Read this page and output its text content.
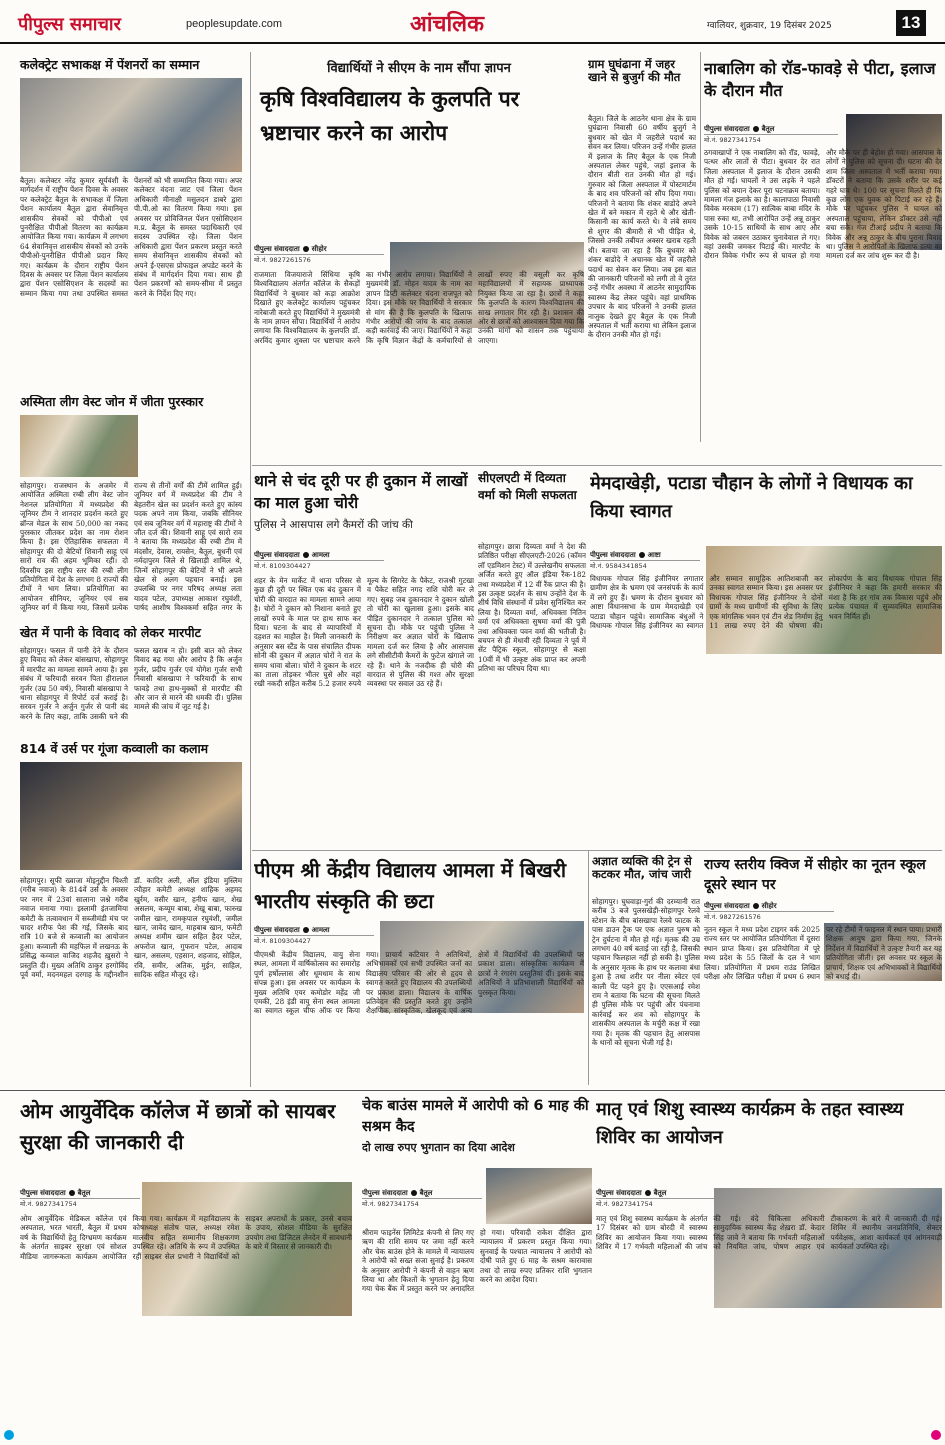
पीपुल्स समाचार	peoplesupdate.com	आंचलिक	ग्वालियर, शुक्रवार, 19 दिसंबर 2025	13
कलेक्ट्रेट सभाकक्ष में पेंशनरों का सम्मान
बैतूल। कलेक्टर नरेंद्र कुमार सूर्यवंशी के मार्गदर्शन में राष्ट्रीय पेंशन दिवस के अवसर पर कलेक्ट्रेट बैतूल के सभाकक्ष में जिला पेंशन कार्यालय बैतूल द्वारा सेवानिवृत्त शासकीय सेवकों को पीपीओ एवं पुनरीक्षित पीपीओ वितरण का कार्यक्रम आयोजित किया गया। कार्यक्रम में लगभग 64 सेवानिवृत्त शासकीय सेवकों को उनके पीपीओ-पुनरीक्षित पीपीओ प्रदान किए गए। कार्यक्रम के दौरान राष्ट्रीय पेंशन दिवस के अवसर पर जिला पेंशन कार्यालय द्वारा पेंशन एसोसिएशन के सदस्यों का सम्मान किया गया तथा उपस्थित समस्त पेंशनरों को भी सम्मानित किया गया। अपर कलेक्टर वंदना जाट एवं जिला पेंशन अधिकारी मीनाक्षी मसुलदन डाबरे द्वारा पी.पी.ओ का वितरण किया गया। इस अवसर पर प्रोविजिनल पेंशन एसोसिएशन म.प्र. बैतूल के समस्त पदाधिकारी एवं सदस्य उपस्थित रहे। जिला पेंशन अधिकारी द्वारा पेंशन प्रकरण प्रस्तुत करते समय सेवानिवृत्त शासकीय सेवकों को अपने ई-एसएस प्रोफाइल अपडेट करने के संबंध में मार्गदर्शन दिया गया। साथ ही पेंशन प्रकरणों को समय-सीमा में प्रस्तुत करने के निर्देश दिए गए।
अस्मिता लीग वेस्ट जोन में जीता पुरस्कार
सोहागपुर। राजस्थान के अजमेर में आयोजित अस्मिता रग्बी लीग वेस्ट जोन नेशनल प्रतियोगिता में मध्यप्रदेश की जूनियर टीम ने शानदार प्रदर्शन करते हुए ब्रॉन्ज मेडल के साथ 50,000 का नकद पुरस्कार जीतकर प्रदेश का नाम रोशन किया है। इस ऐतिहासिक सफलता में सोहागपुर की दो बेटियों शिवानी साहू एवं सारो राव की अहम भूमिका रही। दो दिवसीय इस राष्ट्रीय स्तर की रग्बी लीग प्रतियोगिता में देश के लगभग 8 राज्यों की टीमों ने भाग लिया। प्रतियोगिता का आयोजन सीनियर, जूनियर एवं सब जूनियर वर्ग में किया गया, जिसमें प्रत्येक राज्य से तीनों वर्गों की टीमें शामिल हुईं। जूनियर वर्ग में मध्यप्रदेश की टीम ने बेहतरीन खेल का प्रदर्शन करते हुए कांस्य पदक अपने नाम किया, जबकि सीनियर एवं सब जूनियर वर्ग में महाराष्ट्र की टीमों ने जीत दर्ज की। शिवानी साहू एवं सारो राव ने बताया कि मध्यप्रदेश की रग्बी टीम में मंदसौर, देवास, रायसेन, बैतूल, बुधनी एवं नर्मदापुरम जिले से खिलाड़ी शामिल थे, जिन्में सोहागपुर की बेटियों ने भी अपने खेल से अलग पहचान बनाई। इस उपलब्धि पर नगर परिषद अध्यक्ष लता यादव पटेल, उपाध्यक्ष आकाश रघुवंशी, पार्षद आशीष विश्वकर्मा सहित नगर के
खेत में पानी के विवाद को लेकर मारपीट
सोहागपुर। फसल में पानी देने के दौरान हुए विवाद को लेकर बांसखापा, सोहागपुर में मारपीट का मामला सामने आया है। इस संबंध में फरियादी सरवन पिता हीरालाल गुर्जर (उम्र 50 वर्ष), निवासी बांसखापा ने थाना सोहागपुर में रिपोर्ट दर्ज कराई है। सरवन गुर्जर ने अर्जुन गुर्जर से पानी बंद करने के लिए कहा, ताकि उसकी चने की फसल खराब न हो। इसी बात को लेकर विवाद बढ़ गया और आरोप है कि अर्जुन गुर्जर, प्रदीप गुर्जर एवं योगेश गुर्जर सभी निवासी बांसखापा ने फरियादी के साथ फावड़े तथा हाथ-मुक्कों से मारपीट की और जान से मारने की धमकी दी। पुलिस मामले की जांच में जुट गई है।
814 वें उर्स पर गूंजा कव्वाली का कलाम
सोहागपुर। सूफी ख्वाजा मोइनुद्दीन चिश्ती (गरीब नवाज) के 814वें उर्स के अवसर पर नगर में 23वां सालाना जश्ने गरीब नवाज मनाया गया। इस्लामी इंतजामिया कमेटी के तत्वावधान में सब्जीमंडी मंच पर चादर शरीफ पेश की गई, जिसके बाद रात्रि 10 बजे से कव्वाली का आयोजन हुआ। कव्वाली की महफिल में लखनऊ के प्रसिद्ध कव्वाल वाजिद शहजैद ख़ुसरो ने प्रस्तुति दी। मुख्य अतिथि ठाकुर हरगोविंद पूर्व वर्मा, मदनमहल दरगाह के गद्दीनशीन डॉ. कादिर अली, ऑल इंडिया मुस्लिम त्यौहार कमेटी अध्यक्ष शाहिक अहमद खुर्रम, वसीर खान, हनीफ खान, शेख असलम, कय्यूम बाबा, शेखू बाबा, फारुख जमील खान, रामकृपाल रघुवंशी, जमील खान, जावेद खान, माहबाब खान, फमेटी अध्यक्ष शमीम खान सहित हैदर पटेल, अफरोज खान, गुफरान पटेल, आदाब खान, असलम, एहसान, शहजाद, सोहिल, रवि, समीर, अतिक, मुईन, साहिल, सादिक सहित मौजूद रहे।
विद्यार्थियों ने सीएम के नाम सौंपा ज्ञापन
कृषि विश्वविद्यालय के कुलपति पर भ्रष्टाचार करने का आरोप
पीपुल्स संवाददाता सीहोर
मो.नं. 9827261576
राजमाता विजयाराजे सिंधिया कृषि विश्वविद्यालय अंतर्गत कॉलेज के सैकड़ों विद्यार्थियों ने बुधवार को कड़ा आक्रोश दिखाते हुए कलेक्ट्रेट कार्यालय पहुंचकर नारेबाजी करते हुए विद्यार्थियों ने मुख्यमंत्री के नाम ज्ञापन सौंपा। विद्यार्थियों ने आरोप लगाया कि विश्वविद्यालय के कुलपति डॉ. अरविंद कुमार शुक्ला पर भ्रष्टाचार करने का गंभीर आरोप लगाया। विद्यार्थियों ने मुख्यमंत्री डॉ. मोहन यादव के नाम का ज्ञापन डिप्टी कलेक्टर चंदना राजपूत को दिया। इस मौके पर विद्यार्थियों ने सरकार से मांग की है कि कुलपति के खिलाफ गंभीर आरोपों की जांच के बाद तत्काल कड़ी कार्रवाई की जाए। विद्यार्थियों ने कहा कि कृषि विज्ञान केंद्रों के कर्मचारियों से लाखों रुपए की वसूली कर कृषि महाविद्यालयों में सहायक प्राध्यापक नियुक्त किया जा रहा है। छात्रों ने कहा कि कुलपति के कारण विश्वविद्यालय की साख लगातार गिर रही है। प्रशासन की ओर से छात्रों को आश्वासन दिया गया कि उनकी मांगों को शासन तक पहुंचाया जाएगा।
ग्राम घुघंढाना में जहर खाने से बुजुर्ग की मौत
बैतूल। जिले के आठनेर थाना क्षेत्र के ग्राम घुघंढाना निवासी 60 वर्षीय बुजुर्ग ने बुधवार को खेत में जहरीले पदार्थ का सेवन कर लिया। परिजन उन्हें गंभीर हालत में इलाज के लिए बैतूल के एक निजी अस्पताल लेकर पहुंचे, जहां इलाज के दौरान बीती रात उनकी मौत हो गई। गुरुवार को जिला अस्पताल में पोस्टमार्टम के बाद शव परिजनों को सौंप दिया गया। परिजनों ने बताया कि शंकर बाडोदे अपने खेत में बने मकान में रहते थे और खेती-किसानी का कार्य करते थे। वे लंबे समय से शुगर की बीमारी से भी पीड़ित थे, जिससे उनकी तबीयत अक्सर खराब रहती थी। बताया जा रहा है कि बुधवार को शंकर बाडोदे ने अचानक खेत में जहरीले पदार्थ का सेवन कर लिया। जब इस बात की जानकारी परिजनों को लगी तो वे तुरंत उन्हें गंभीर अवस्था में आठनेर सामुदायिक स्वास्थ्य केंद्र लेकर पहुंचे। वहां प्राथमिक उपचार के बाद परिजनों ने उनकी हालत नाजुक देखते हुए बैतूल के एक निजी अस्पताल में भर्ती कराया था लेकिन इलाज के दौरान उनकी मौत हो गई।
नाबालिग को रॉड-फावड़े से पीटा, इलाज के दौरान मौत
पीपुल्स संवाददाता बैतूल
मो.नं. 9827341754
ठगवाखापों ने एक नाबालिग को रॉड, फावड़े, पत्थर और लातों से पीटा। बुधवार देर रात जिला अस्पताल में इलाज के दौरान उसकी मौत हो गई। घायलों ने उस लड़के ने पहले पुलिस को बयान देकर पूरा घटनाक्रम बताया। मामला गंज इलाके का है। कालापाठा निवासी विवेक मरकाम (17) सात्विक बाबा मंदिर के पास रुका था, तभी आरोपित उन्हें अन्नू ठाकुर उसके 10-15 साथियों के साथ आए और विवेक को जबरन उठाकर चुनावेवाल ले गए। वहां उसकी जमकर पिटाई की। मारपीट के दौरान विवेक गंभीर रूप से घायल हो गया और मौके पर ही बेहोश हो गया। आसपास के लोगों ने पुलिस को सूचना दी। घटना की देर शाम जिला अस्पताल में भर्ती कराया गया। डॉक्टरों ने बताया कि उसके शरीर पर कई गहरे घाव थे। 100 पर सूचना मिलते ही कि कुछ लोग एक युवक को पिटाई कर रहे हैं। मौके पर पहुंचकर पुलिस ने घायल को अस्पताल पहुंचाया, लेकिन डॉक्टर उसे नहीं बचा सके। गंज टीआई प्रदीप ने बताया कि विवेक और अन्नू ठाकुर के बीच पुराना विवाद था। पुलिस ने आरोपितों के खिलाफ हत्या का मामला दर्ज कर जांच शुरू कर दी है।
थाने से चंद दूरी पर ही दुकान में लाखों का माल हुआ चोरी
पुलिस ने आसपास लगे कैमरों की जांच की
पीपुल्स संवाददाता आमला
मो.नं. 8109304427
शहर के मेन मार्केट में थाना परिसर से कुछ ही दूरी पर स्थित एक बंद दुकान में चोरी की वारदात का मामला सामने आया है। चोरों ने दुकान को निशाना बनाते हुए लाखों रुपये के माल पर हाथ साफ कर दिया। घटना के बाद से व्यापारियों में दहशत का माहौल है। मिली जानकारी के अनुसार बस स्टैंड के पास संचालित दीपक सोनी की दुकान में अज्ञात चोरों ने रात के समय धावा बोला। चोरों ने दुकान के शटर का ताला तोड़कर भीतर घुसे और वहां रखी नकदी सहित करीब 5.2 हजार रुपये मूल्य के सिगरेट के पैकेट, राजश्री गुटखा व पैकेट सहित नगद राशि चोरी कर ले गए। सुबह जब दुकानदार ने दुकान खोली तो चोरी का खुलासा हुआ। इसके बाद पीड़ित दुकानदार ने तत्काल पुलिस को सूचना दी। मौके पर पहुंची पुलिस ने निरीक्षण कर अज्ञात चोरों के खिलाफ मामला दर्ज कर लिया है और आसपास लगे सीसीटीवी कैमरों के फुटेज खंगाले जा रहे हैं। थाने के नजदीक ही चोरी की वारदात से पुलिस की गश्त और सुरक्षा व्यवस्था पर सवाल उठ रहे हैं।
सीएलएटी में दिव्यता वर्मा को मिली सफलता
सोहागपुर। छात्रा दिव्यता वर्मा ने देश की प्रतिष्ठित परीक्षा सीएलएटी-2026 (कॉमन लॉ एडमिशन टेस्ट) में उल्लेखनीय सफलता अर्जित करते हुए ऑल इंडिया रैंक-182 तथा मध्यप्रदेश में 12 वीं रैंक प्राप्त की है। इस उत्कृष्ट प्रदर्शन के साथ उन्होंने देश के शीर्ष विधि संस्थानों में प्रवेश सुनिश्चित कर लिया है। दिव्यता वर्मा, अधिवक्ता नितिन वर्मा एवं अधिवक्ता सुषमा वर्मा की पुत्री तथा अधिवक्ता पवन वर्मा की भतीजी है। बचपन से ही मेधावी रही दिव्यता ने पूर्व में सेंट पैट्रिक स्कूल, सोहागपुर से कक्षा 10वीं में भी उत्कृष्ट अंक प्राप्त कर अपनी प्रतिभा का परिचय दिया था।
मेमदाखेड़ी, पटाडा चौहान के लोगों ने विधायक का किया स्वागत
पीपुल्स संवाददाता आष्टा
मो.नं. 9584341854
विधायक गोपाल सिंह इंजीनियर लगातार ग्रामीण क्षेत्र के भ्रमण एवं जनसंपर्क के कार्य में लगे हुए हैं। भ्रमण के दौरान बुधवार को आष्टा विधानसभा के ग्राम मेमदाखेड़ी एवं पटाडा चौहान पहुंचे। सामाजिक बंधुओं ने विधायक गोपाल सिंह इंजीनियर का स्वागत और सम्मान सामूहिक आतिशबाजी कर उनका स्वागत सम्मान किया। इस अवसर पर विधायक गोपाल सिंह इंजीनियर ने दोनों ग्रामों के मध्य ग्रामीणों की सुविधा के लिए एक मांगलिक भवन एवं टीन शेड निर्माण हेतु 11 लाख रुपए देने की घोषणा की। लोकार्पण के बाद विधायक गोपाल सिंह इंजीनियर ने कहा कि हमारी सरकार की मंशा है कि हर गांव तक विकास पहुंचे और प्रत्येक पंचायत में सुव्यवस्थित सामाजिक भवन निर्मित हों।
पीएम श्री केंद्रीय विद्यालय आमला में बिखरी भारतीय संस्कृति की छटा
पीपुल्स संवाददाता आमला
मो.नं. 8109304427
पीएमश्री केंद्रीय विद्यालय, वायु सेना स्थल, आमला में वार्षिकोत्सव का समारोह पूर्ण हर्षोल्लास और धूमधाम के साथ संपन्न हुआ। इस अवसर पर कार्यक्रम के मुख्य अतिथि एयर कमोडोर महेंद्र जी एमकी, 28 इंडी वायु सेना स्थल आमला का स्वागत स्कूल चीफ ऑफ पर किया गया। प्राचार्य कटियार ने अतिथियों, अभिभावकों एवं सभी उपस्थित जनों का विद्यालय परिवार की ओर से हृदय से स्वागत करते हुए विद्यालय की उपलब्धियों पर प्रकाश डाला। विद्यालय के वार्षिक प्रतिवेदन की प्रस्तुति करते हुए उन्होंने शैक्षणिक, सांस्कृतिक, खेलकूद एवं अन्य क्षेत्रों में विद्यार्थियों की उपलब्धियों पर प्रकाश डाला। सांस्कृतिक कार्यक्रम में छात्रों ने रंगारंग प्रस्तुतियां दीं। इसके बाद अतिथियों ने प्रतिभाशाली विद्यार्थियों को पुरस्कृत किया।
अज्ञात व्यक्ति की ट्रेन से कटकर मौत, जांच जारी
सोहागपुर। घुघवाड़ा-गुर्रा की दरम्यानी रात करीब 3 बजे पुलसखेड़ी-सोहागपुर रेलवे स्टेशन के बीच बांसखापा रेलवे फाटक के पास डाउन ट्रैक पर एक अज्ञात पुरुष को ट्रेन दुर्घटना में मौत हो गई। मृतक की उम्र लगभग 40 वर्ष बताई जा रही है, जिसकी पहचान फिलहाल नहीं हो सकी है। पुलिस के अनुसार मृतक के हाथ पर कलावा बंधा हुआ है तथा शरीर पर नीला स्वेटर एवं काली पेंट पहने हुए है। एएसआई रमेश राम ने बताया कि घटना की सूचना मिलते ही पुलिस मौके पर पहुंची और पंचनामा कार्रवाई कर शव को सोहागपुर के शासकीय अस्पताल के मर्चुरी कक्ष में रखा गया है। मृतक की पहचान हेतु आसपास के थानों को सूचना भेजी गई है।
राज्य स्तरीय क्विज में सीहोर का नूतन स्कूल दूसरे स्थान पर
पीपुल्स संवाददाता सीहोर
मो.नं. 9827261576
नूतन स्कूल ने मध्य प्रदेश टाइगर वर्क 2025 राज्य स्तर पर आयोजित प्रतियोगिता में दूसरा स्थान प्राप्त किया। इस प्रतियोगिता में पूरे मध्य प्रदेश के 55 जिलों के दल ने भाग लिया। प्रतियोगिता में प्रथम राउंड लिखित परीक्षा और लिखित परीक्षा में प्रथम 6 स्थान पर रहे टीमों ने फाइनल में स्थान पाया। प्रभारी शिक्षक आयुष द्वारा किया गया, जिनके निर्देशन में विद्यार्थियों ने उत्कृष्ट तैयारी कर यह प्रतियोगिता जीती। इस अवसर पर स्कूल के प्राचार्य, शिक्षक एवं अभिभावकों ने विद्यार्थियों को बधाई दी।
ओम आयुर्वेदिक कॉलेज में छात्रों को सायबर सुरक्षा की जानकारी दी
पीपुल्स संवाददाता बैतूल
मो.नं. 9827341754
ओम आयुर्वेदिक मेडिकल कॉलेज एवं अस्पताल, भरत भारती, बैतूल में प्रथम वर्ष के विद्यार्थियों हेतु दिग्भ्रमण कार्यक्रम के अंतर्गत साइबर सुरक्षा एवं सोशल मीडिया जागरूकता कार्यक्रम आयोजित किया गया। कार्यक्रम में महाविद्यालय के कोषाध्यक्ष संतोष पाल, अध्यक्ष रमेश मालवीय सहित सम्मानीय शिक्षकगण उपस्थित रहे। अतिथि के रूप में उपस्थित रहीं साइबर सेल प्रभारी ने विद्यार्थियों को साइबर अपराधों के प्रकार, उनसे बचाव के उपाय, सोशल मीडिया के सुरक्षित उपयोग तथा डिजिटल लेनदेन में सावधानी के बारे में विस्तार से जानकारी दी।
चेक बाउंस मामले में आरोपी को 6 माह की सश्रम कैद
दो लाख रुपए भुगतान का दिया आदेश
पीपुल्स संवाददाता बैतूल
मो.नं. 9827341754
श्रीराम फाइनेंस लिमिटेड कंपनी से लिए गए ऋण की राशि समय पर जमा नहीं करने और चेक बाउंस होने के मामले में न्यायालय ने आरोपी को सख्त सजा सुनाई है। प्रकरण के अनुसार आरोपी ने कंपनी से वाहन ऋण लिया था और किश्तों के भुगतान हेतु दिया गया चेक बैंक में प्रस्तुत करने पर अनादरित हो गया। परिवादी राकेश दीक्षित द्वारा न्यायालय में प्रकरण प्रस्तुत किया गया। सुनवाई के पश्चात न्यायालय ने आरोपी को दोषी पाते हुए 6 माह के सश्रम कारावास तथा दो लाख रुपए प्रतिकर राशि भुगतान करने का आदेश दिया।
मातृ एवं शिशु स्वास्थ्य कार्यक्रम के तहत स्वास्थ्य शिविर का आयोजन
पीपुल्स संवाददाता बैतूल
मो.नं. 9827341754
मातृ एवं शिशु स्वास्थ्य कार्यक्रम के अंतर्गत 17 दिसंबर को ग्राम बोरदी में स्वास्थ्य शिविर का आयोजन किया गया। स्वास्थ्य शिविर में 17 गर्भवती महिलाओं की जांच की गई। वंदे चिकित्सा अधिकारी सामुदायिक स्वास्थ्य केंद्र शेख़रा डॉ. केदार सिंह जावे ने बताया कि गर्भवती महिलाओं को नियमित जांच, पोषण आहार एवं टीकाकरण के बारे में जानकारी दी गई। शिविर में स्थानीय जनप्रतिनिधि, सेक्टर पर्यवेक्षक, आशा कार्यकर्ता एवं आंगनवाड़ी कार्यकर्ता उपस्थित रहे।
